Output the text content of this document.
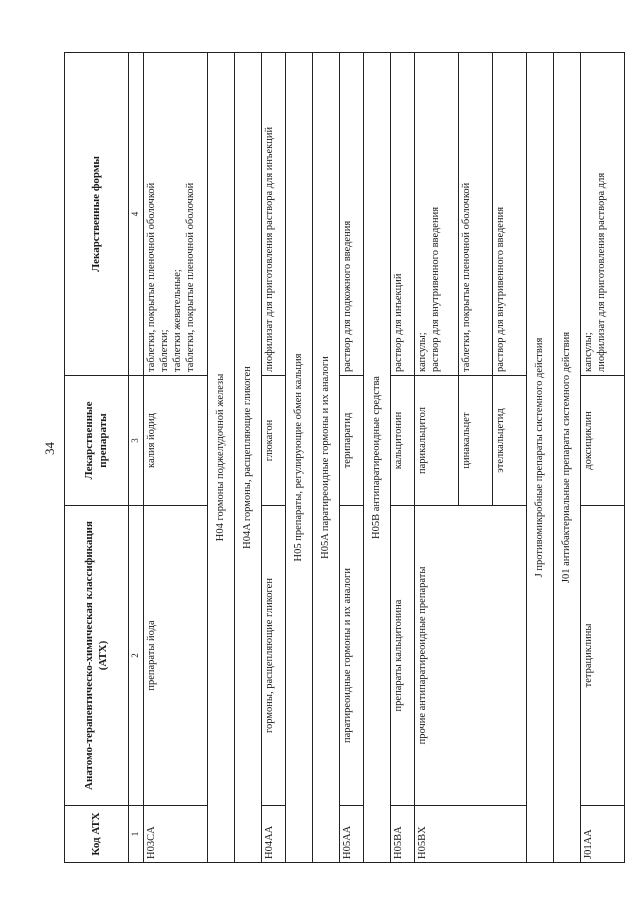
34
Код АТХ	Анатомо-терапевтическо-химическая классификация (АТХ)	Лекарственные препараты	Лекарственные формы
1	2	3	4
H03CA	препараты йода	калия йодид	таблетки, покрытые пленочной оболочкой таблетки; таблетки жевательные; таблетки, покрытые пленочной оболочкой

H04 гормоны поджелудочной железы			
H04A гормоны, расщепляющие гликоген			
H04AA	гормоны, расщепляющие гликоген	глюкагон	лиофилизат для приготовления раствора для инъекций
H05 препараты, регулирующие обмен кальция			
H05A паратиреоидные гормоны и их аналоги			
H05AA	паратиреоидные гормоны и их аналоги	терипаратид	раствор для подкожного введения
H05B антипаратиреоидные средства			
H05BA	препараты кальцитонина	кальцитонин	раствор для инъекций
H05BX	прочие антипаратиреоидные препараты	парикальцитол	капсулы; раствор для внутривенного введения

		цинакальцет	таблетки, покрытые пленочной оболочкой
		этелкальцетид	раствор для внутривенного введения
J противомикробные препараты системного действия			
J01 антибактериальные препараты системного действия			
J01AA	тетрациклины	доксициклин	капсулы; лиофилизат для приготовления раствора для
